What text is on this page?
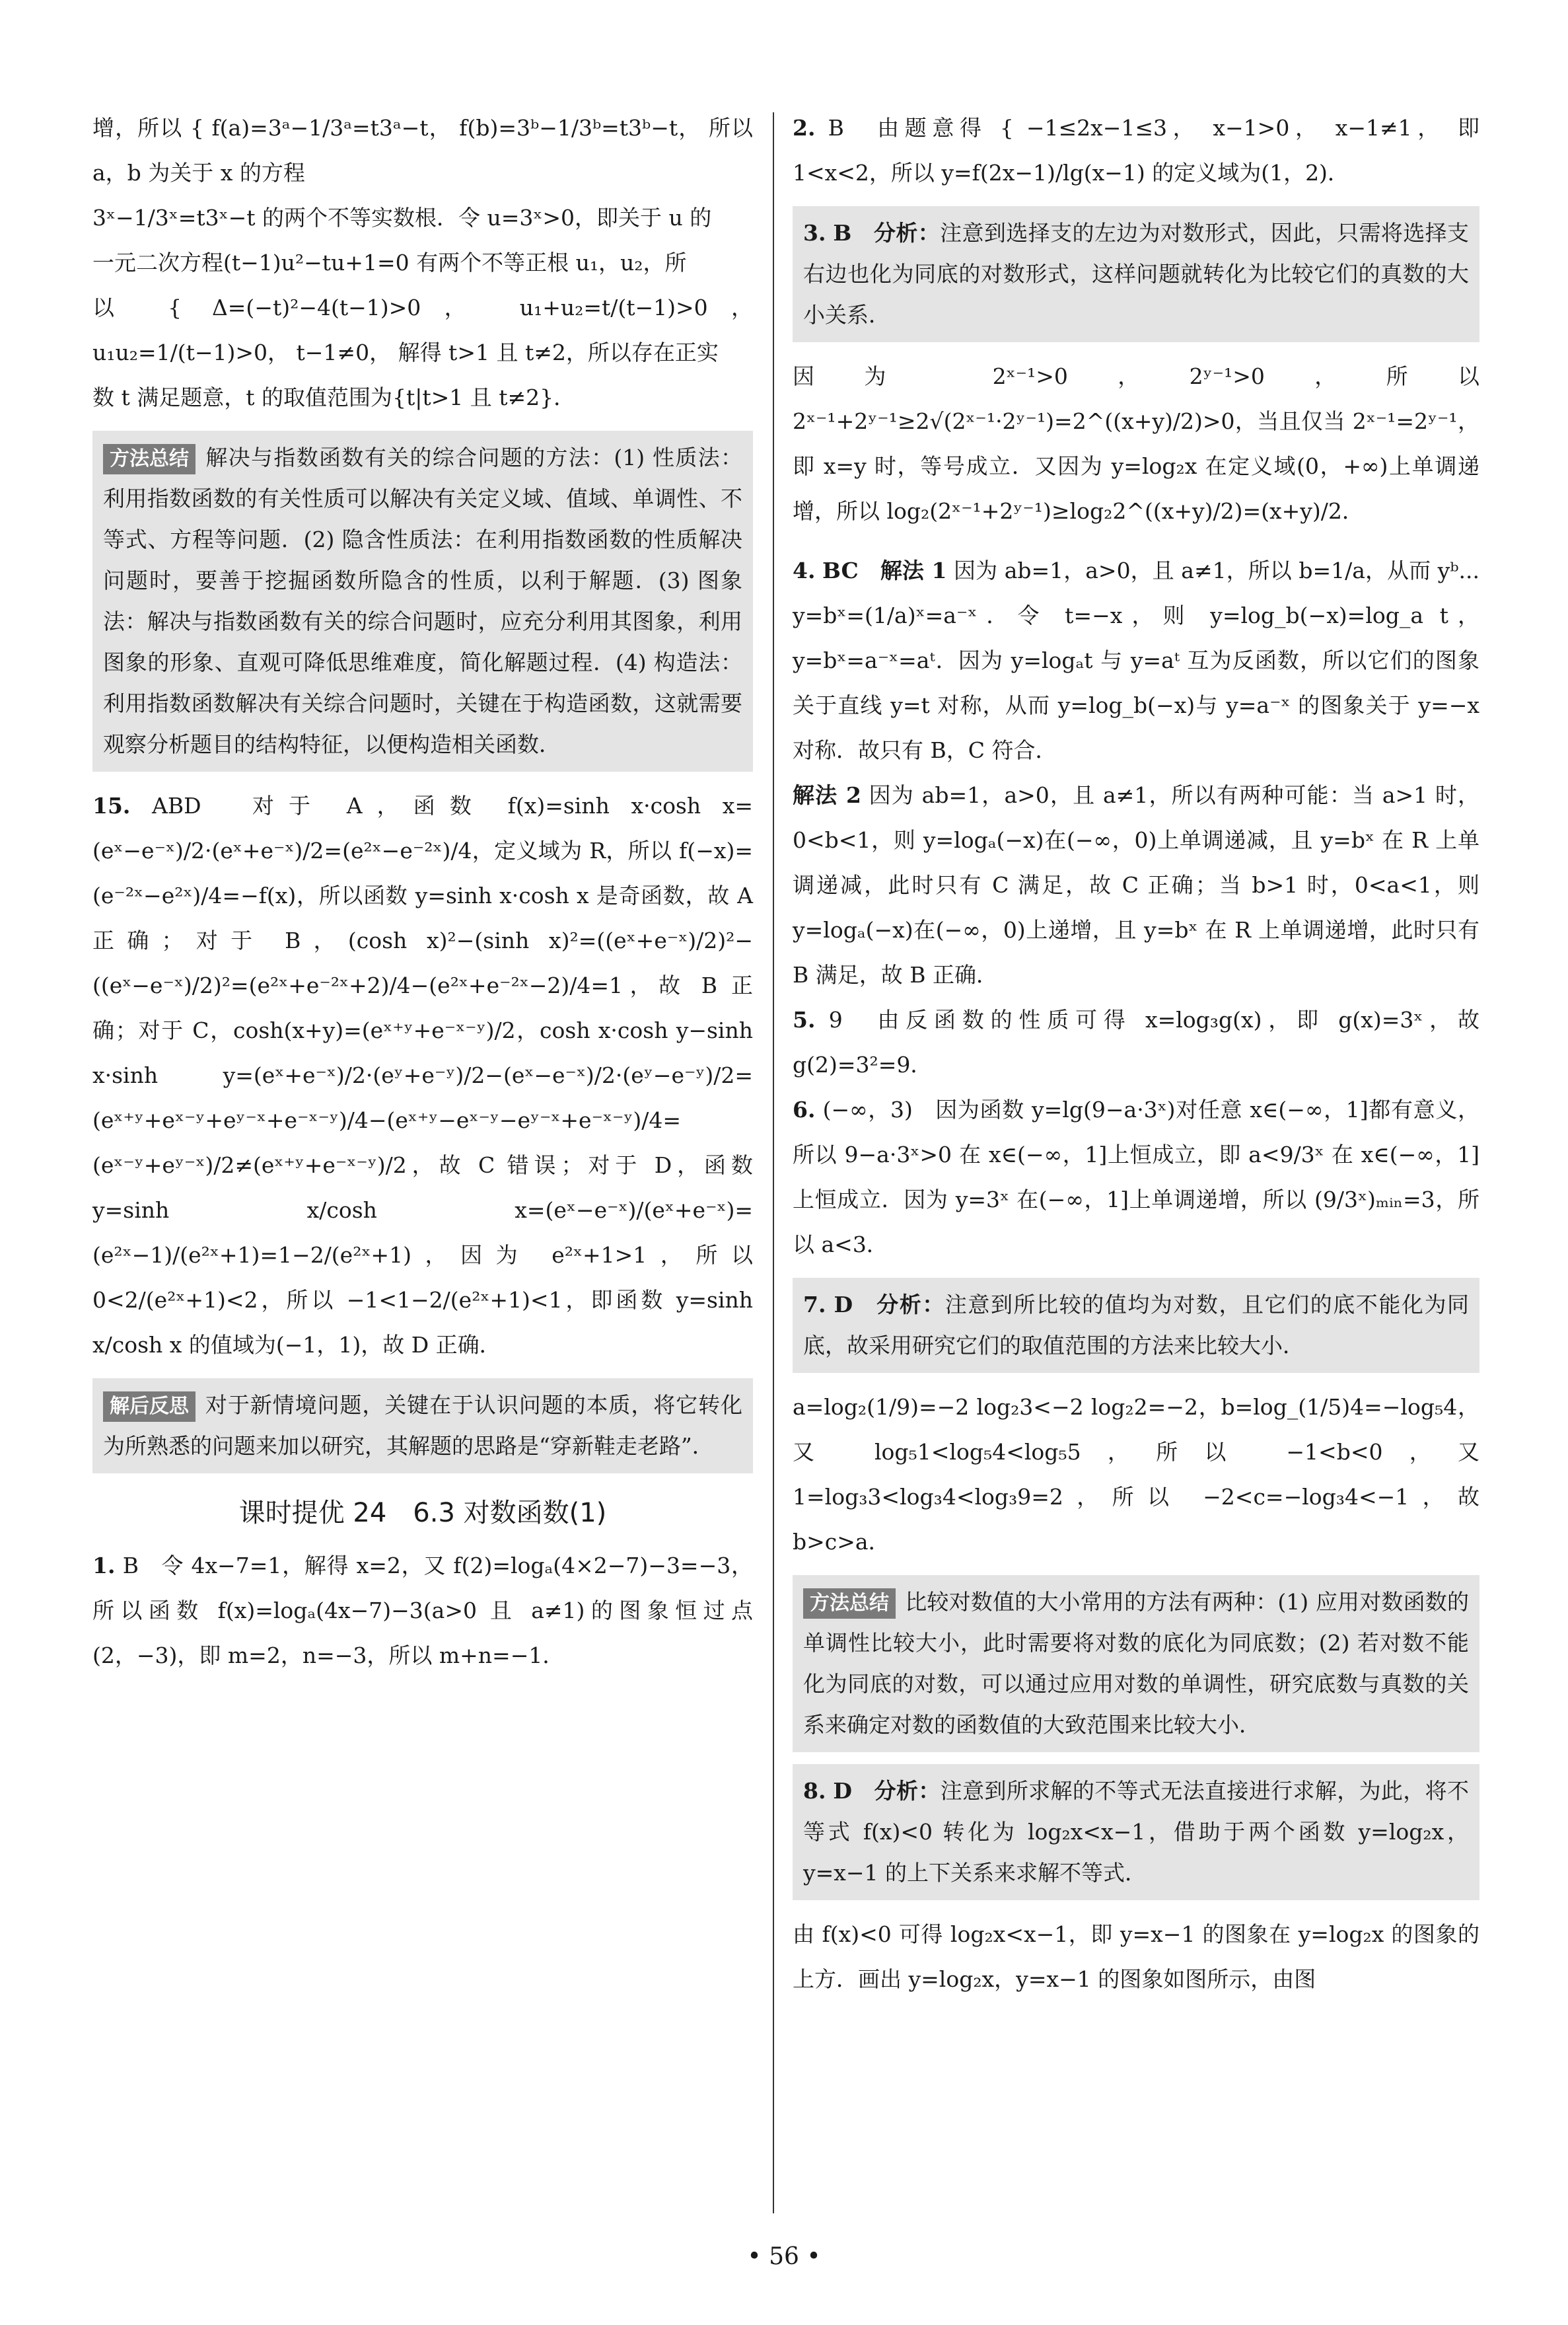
增，所以 { f(a)=3ᵃ−1/3ᵃ=t3ᵃ−t， f(b)=3ᵇ−1/3ᵇ=t3ᵇ−t， 所以 a，b 为关于 x 的方程

3ˣ−1/3ˣ=t3ˣ−t 的两个不等实数根．令 u=3ˣ>0，即关于 u 的

一元二次方程(t−1)u²−tu+1=0 有两个不等正根 u₁，u₂，所

以 { Δ=(−t)²−4(t−1)>0， u₁+u₂=t/(t−1)>0， u₁u₂=1/(t−1)>0， t−1≠0， 解得 t>1 且 t≠2，所以存在正实

数 t 满足题意，t 的取值范围为{t|t>1 且 t≠2}．

方法总结 解决与指数函数有关的综合问题的方法：(1) 性质法：利用指数函数的有关性质可以解决有关定义域、值域、单调性、不等式、方程等问题．(2) 隐含性质法：在利用指数函数的性质解决问题时，要善于挖掘函数所隐含的性质，以利于解题．(3) 图象法：解决与指数函数有关的综合问题时，应充分利用其图象，利用图象的形象、直观可降低思维难度，简化解题过程．(4) 构造法：利用指数函数解决有关综合问题时，关键在于构造函数，这就需要观察分析题目的结构特征，以便构造相关函数．

15. ABD　对于 A，函数 f(x)=sinh x·cosh x=(eˣ−e⁻ˣ)/2·(eˣ+e⁻ˣ)/2=(e²ˣ−e⁻²ˣ)/4，定义域为 R，所以 f(−x)=(e⁻²ˣ−e²ˣ)/4=−f(x)，所以函数 y=sinh x·cosh x 是奇函数，故 A 正确；对于 B，(cosh x)²−(sinh x)²=((eˣ+e⁻ˣ)/2)²−((eˣ−e⁻ˣ)/2)²=(e²ˣ+e⁻²ˣ+2)/4−(e²ˣ+e⁻²ˣ−2)/4=1，故 B 正确；对于 C，cosh(x+y)=(eˣ⁺ʸ+e⁻ˣ⁻ʸ)/2，cosh x·cosh y−sinh x·sinh y=(eˣ+e⁻ˣ)/2·(eʸ+e⁻ʸ)/2−(eˣ−e⁻ˣ)/2·(eʸ−e⁻ʸ)/2=(eˣ⁺ʸ+eˣ⁻ʸ+eʸ⁻ˣ+e⁻ˣ⁻ʸ)/4−(eˣ⁺ʸ−eˣ⁻ʸ−eʸ⁻ˣ+e⁻ˣ⁻ʸ)/4=(eˣ⁻ʸ+eʸ⁻ˣ)/2≠(eˣ⁺ʸ+e⁻ˣ⁻ʸ)/2，故 C 错误；对于 D，函数 y=sinh x/cosh x=(eˣ−e⁻ˣ)/(eˣ+e⁻ˣ)=(e²ˣ−1)/(e²ˣ+1)=1−2/(e²ˣ+1)，因为 e²ˣ+1>1，所以 0<2/(e²ˣ+1)<2，所以 −1<1−2/(e²ˣ+1)<1，即函数 y=sinh x/cosh x 的值域为(−1，1)，故 D 正确．

解后反思 对于新情境问题，关键在于认识问题的本质，将它转化为所熟悉的问题来加以研究，其解题的思路是“穿新鞋走老路”．

课时提优 24　6.3 对数函数(1)

1. B　令 4x−7=1，解得 x=2，又 f(2)=logₐ(4×2−7)−3=−3，所以函数 f(x)=logₐ(4x−7)−3(a>0 且 a≠1)的图象恒过点(2，−3)，即 m=2，n=−3，所以 m+n=−1．

2. B　由题意得 { −1≤2x−1≤3， x−1>0， x−1≠1， 即 1<x<2，所以 y=f(2x−1)/lg(x−1) 的定义域为(1，2)．

3. B　分析：注意到选择支的左边为对数形式，因此，只需将选择支右边也化为同底的对数形式，这样问题就转化为比较它们的真数的大小关系．

因为 2ˣ⁻¹>0，2ʸ⁻¹>0，所以 2ˣ⁻¹+2ʸ⁻¹≥2√(2ˣ⁻¹·2ʸ⁻¹)=2^((x+y)/2)>0，当且仅当 2ˣ⁻¹=2ʸ⁻¹，即 x=y 时，等号成立．又因为 y=log₂x 在定义域(0，+∞)上单调递增，所以 log₂(2ˣ⁻¹+2ʸ⁻¹)≥log₂2^((x+y)/2)=(x+y)/2．

4. BC　解法 1 因为 ab=1，a>0，且 a≠1，所以 b=1/a，从而 yᵇ... y=bˣ=(1/a)ˣ=a⁻ˣ．令 t=−x，则 y=log_b(−x)=log_a t，y=bˣ=a⁻ˣ=aᵗ．因为 y=logₐt 与 y=aᵗ 互为反函数，所以它们的图象关于直线 y=t 对称，从而 y=log_b(−x)与 y=a⁻ˣ 的图象关于 y=−x 对称．故只有 B，C 符合．

解法 2 因为 ab=1，a>0，且 a≠1，所以有两种可能：当 a>1 时，0<b<1，则 y=logₐ(−x)在(−∞，0)上单调递减，且 y=bˣ 在 R 上单调递减，此时只有 C 满足，故 C 正确；当 b>1 时，0<a<1，则 y=logₐ(−x)在(−∞，0)上递增，且 y=bˣ 在 R 上单调递增，此时只有 B 满足，故 B 正确．

5. 9　由反函数的性质可得 x=log₃g(x)，即 g(x)=3ˣ，故 g(2)=3²=9．

6. (−∞，3)　因为函数 y=lg(9−a·3ˣ)对任意 x∈(−∞，1]都有意义，所以 9−a·3ˣ>0 在 x∈(−∞，1]上恒成立，即 a<9/3ˣ 在 x∈(−∞，1]上恒成立．因为 y=3ˣ 在(−∞，1]上单调递增，所以 (9/3ˣ)ₘᵢₙ=3，所以 a<3．

7. D　分析：注意到所比较的值均为对数，且它们的底不能化为同底，故采用研究它们的取值范围的方法来比较大小．

a=log₂(1/9)=−2 log₂3<−2 log₂2=−2，b=log_(1/5)4=−log₅4，又 log₅1<log₅4<log₅5，所以 −1<b<0，又 1=log₃3<log₃4<log₃9=2，所以 −2<c=−log₃4<−1，故 b>c>a．

方法总结 比较对数值的大小常用的方法有两种：(1) 应用对数函数的单调性比较大小，此时需要将对数的底化为同底数；(2) 若对数不能化为同底的对数，可以通过应用对数的单调性，研究底数与真数的关系来确定对数的函数值的大致范围来比较大小．

8. D　分析：注意到所求解的不等式无法直接进行求解，为此，将不等式 f(x)<0 转化为 log₂x<x−1，借助于两个函数 y=log₂x，y=x−1 的上下关系来求解不等式．

由 f(x)<0 可得 log₂x<x−1，即 y=x−1 的图象在 y=log₂x 的图象的上方．画出 y=log₂x，y=x−1 的图象如图所示，由图

• 56 •
